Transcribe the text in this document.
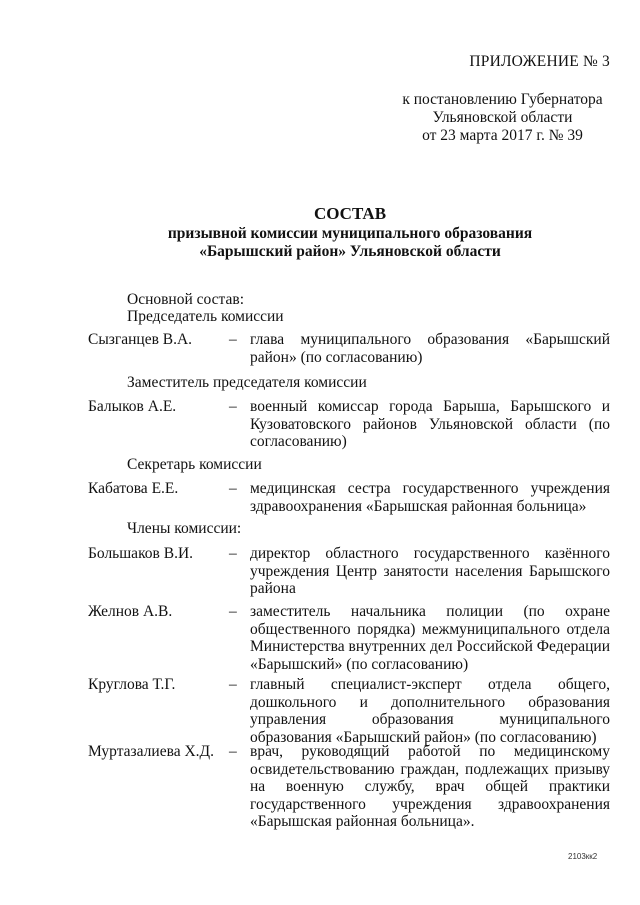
ПРИЛОЖЕНИЕ № 3
к постановлению Губернатора
Ульяновской области
от 23 марта 2017 г. № 39
СОСТАВ
призывной комиссии муниципального образования
«Барышский район» Ульяновской области
Основной состав:
Председатель комиссии
Сызганцев В.А. – глава муниципального образования «Барышский район» (по согласованию)
Заместитель председателя комиссии
Балыков А.Е.	– военный комиссар города Барыша, Барышского и Кузоватовского районов Ульяновской области (по согласованию)
Секретарь комиссии
Кабатова Е.Е.	– медицинская сестра государственного учреждения здравоохранения «Барышская районная больница»
Члены комиссии:
Большаков В.И. – директор областного государственного казённого учреждения Центр занятости населения Барышского района
Желнов А.В.	– заместитель начальника полиции (по охране общественного порядка) межмуниципального отдела Министерства внутренних дел Российской Федерации «Барышский» (по согласованию)
Круглова Т.Г.	– главный специалист-эксперт отдела общего, дошкольного и дополнительного образования управления образования муниципального образования «Барышский район» (по согласованию)
Муртазалиева Х.Д. – врач, руководящий работой по медицинскому освидетельствованию граждан, подлежащих призыву на военную службу, врач общей практики государственного учреждения здравоохранения «Барышская районная больница».
2103кк2
